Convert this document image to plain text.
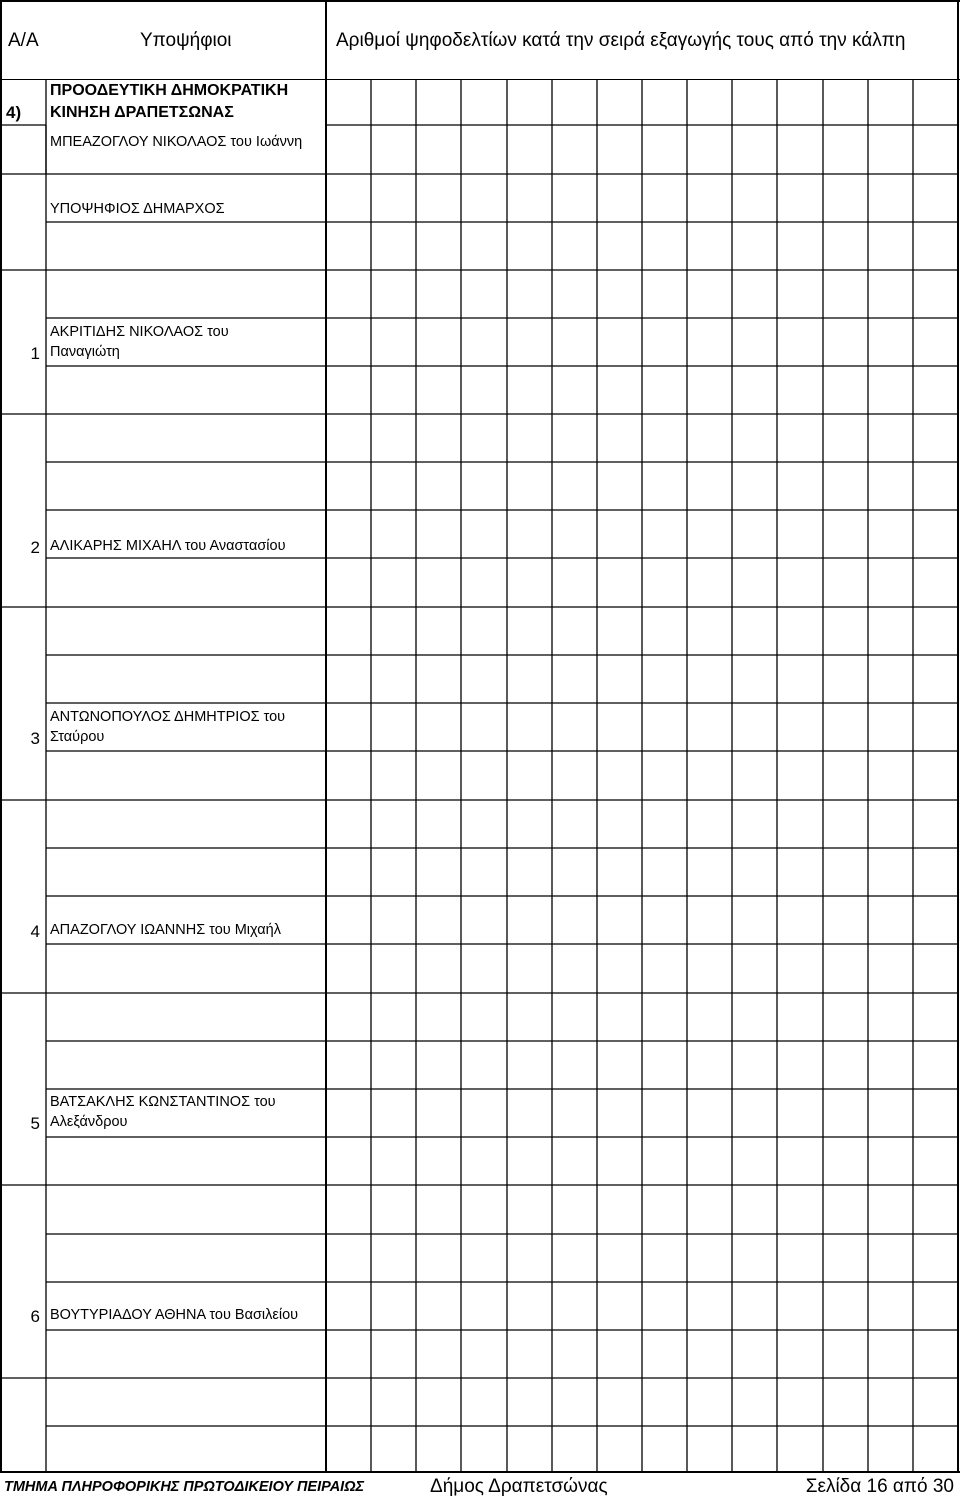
Α/Α	Υποψήφιοι	Αριθμοί ψηφοδελτίων κατά την σειρά εξαγωγής τους από την κάλπη
4)
ΠΡΟΟΔΕΥΤΙΚΗ ΔΗΜΟΚΡΑΤΙΚΗ ΚΙΝΗΣΗ ΔΡΑΠΕΤΣΩΝΑΣ
ΜΠΕΑΖΟΓΛΟΥ ΝΙΚΟΛΑΟΣ του Ιωάννη
ΥΠΟΨΗΦΙΟΣ ΔΗΜΑΡΧΟΣ
1
ΑΚΡΙΤΙΔΗΣ ΝΙΚΟΛΑΟΣ του
Παναγιώτη
2 ΑΛΙΚΑΡΗΣ ΜΙΧΑΗΛ του Αναστασίου
3
ΑΝΤΩΝΟΠΟΥΛΟΣ ΔΗΜΗΤΡΙΟΣ του
Σταύρου
4 ΑΠΑΖΟΓΛΟΥ ΙΩΑΝΝΗΣ του Μιχαήλ
5
ΒΑΤΣΑΚΛΗΣ ΚΩΝΣΤΑΝΤΙΝΟΣ του
Αλεξάνδρου
6 ΒΟΥΤΥΡΙΑΔΟΥ ΑΘΗΝΑ του Βασιλείου
ΤΜΗΜΑ ΠΛΗΡΟΦΟΡΙΚΗΣ ΠΡΩΤΟΔΙΚΕΙΟΥ ΠΕΙΡΑΙΩΣ	Δήμος Δραπετσώνας	Σελίδα 16 από 30
